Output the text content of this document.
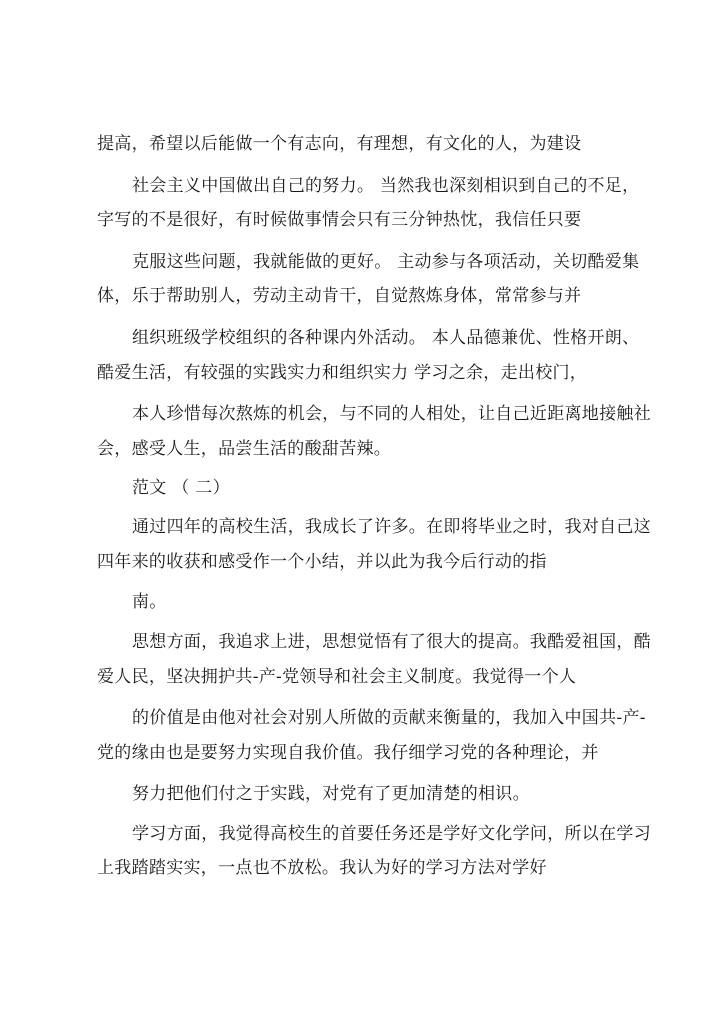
提高，希望以后能做一个有志向，有理想，有文化的人，为建设
社会主义中国做出自己的努力。 当然我也深刻相识到自己的不足，
字写的不是很好，有时候做事情会只有三分钟热忱，我信任只要
克服这些问题，我就能做的更好。 主动参与各项活动，关切酷爱集
体，乐于帮助别人，劳动主动肯干，自觉熬炼身体，常常参与并
组织班级学校组织的各种课内外活动。 本人品德兼优、性格开朗、
酷爱生活，有较强的实践实力和组织实力 学习之余，走出校门，
本人珍惜每次熬炼的机会，与不同的人相处，让自己近距离地接触社
会，感受人生，品尝生活的酸甜苦辣。
范文 （ 二）
通过四年的高校生活，我成长了许多。在即将毕业之时，我对自己这
四年来的收获和感受作一个小结，并以此为我今后行动的指
南。
思想方面，我追求上进，思想觉悟有了很大的提高。我酷爱祖国，酷
爱人民，坚决拥护共-产-党领导和社会主义制度。我觉得一个人
的价值是由他对社会对别人所做的贡献来衡量的，我加入中国共-产-
党的缘由也是要努力实现自我价值。我仔细学习党的各种理论，并
努力把他们付之于实践，对党有了更加清楚的相识。
学习方面，我觉得高校生的首要任务还是学好文化学问，所以在学习
上我踏踏实实，一点也不放松。我认为好的学习方法对学好
